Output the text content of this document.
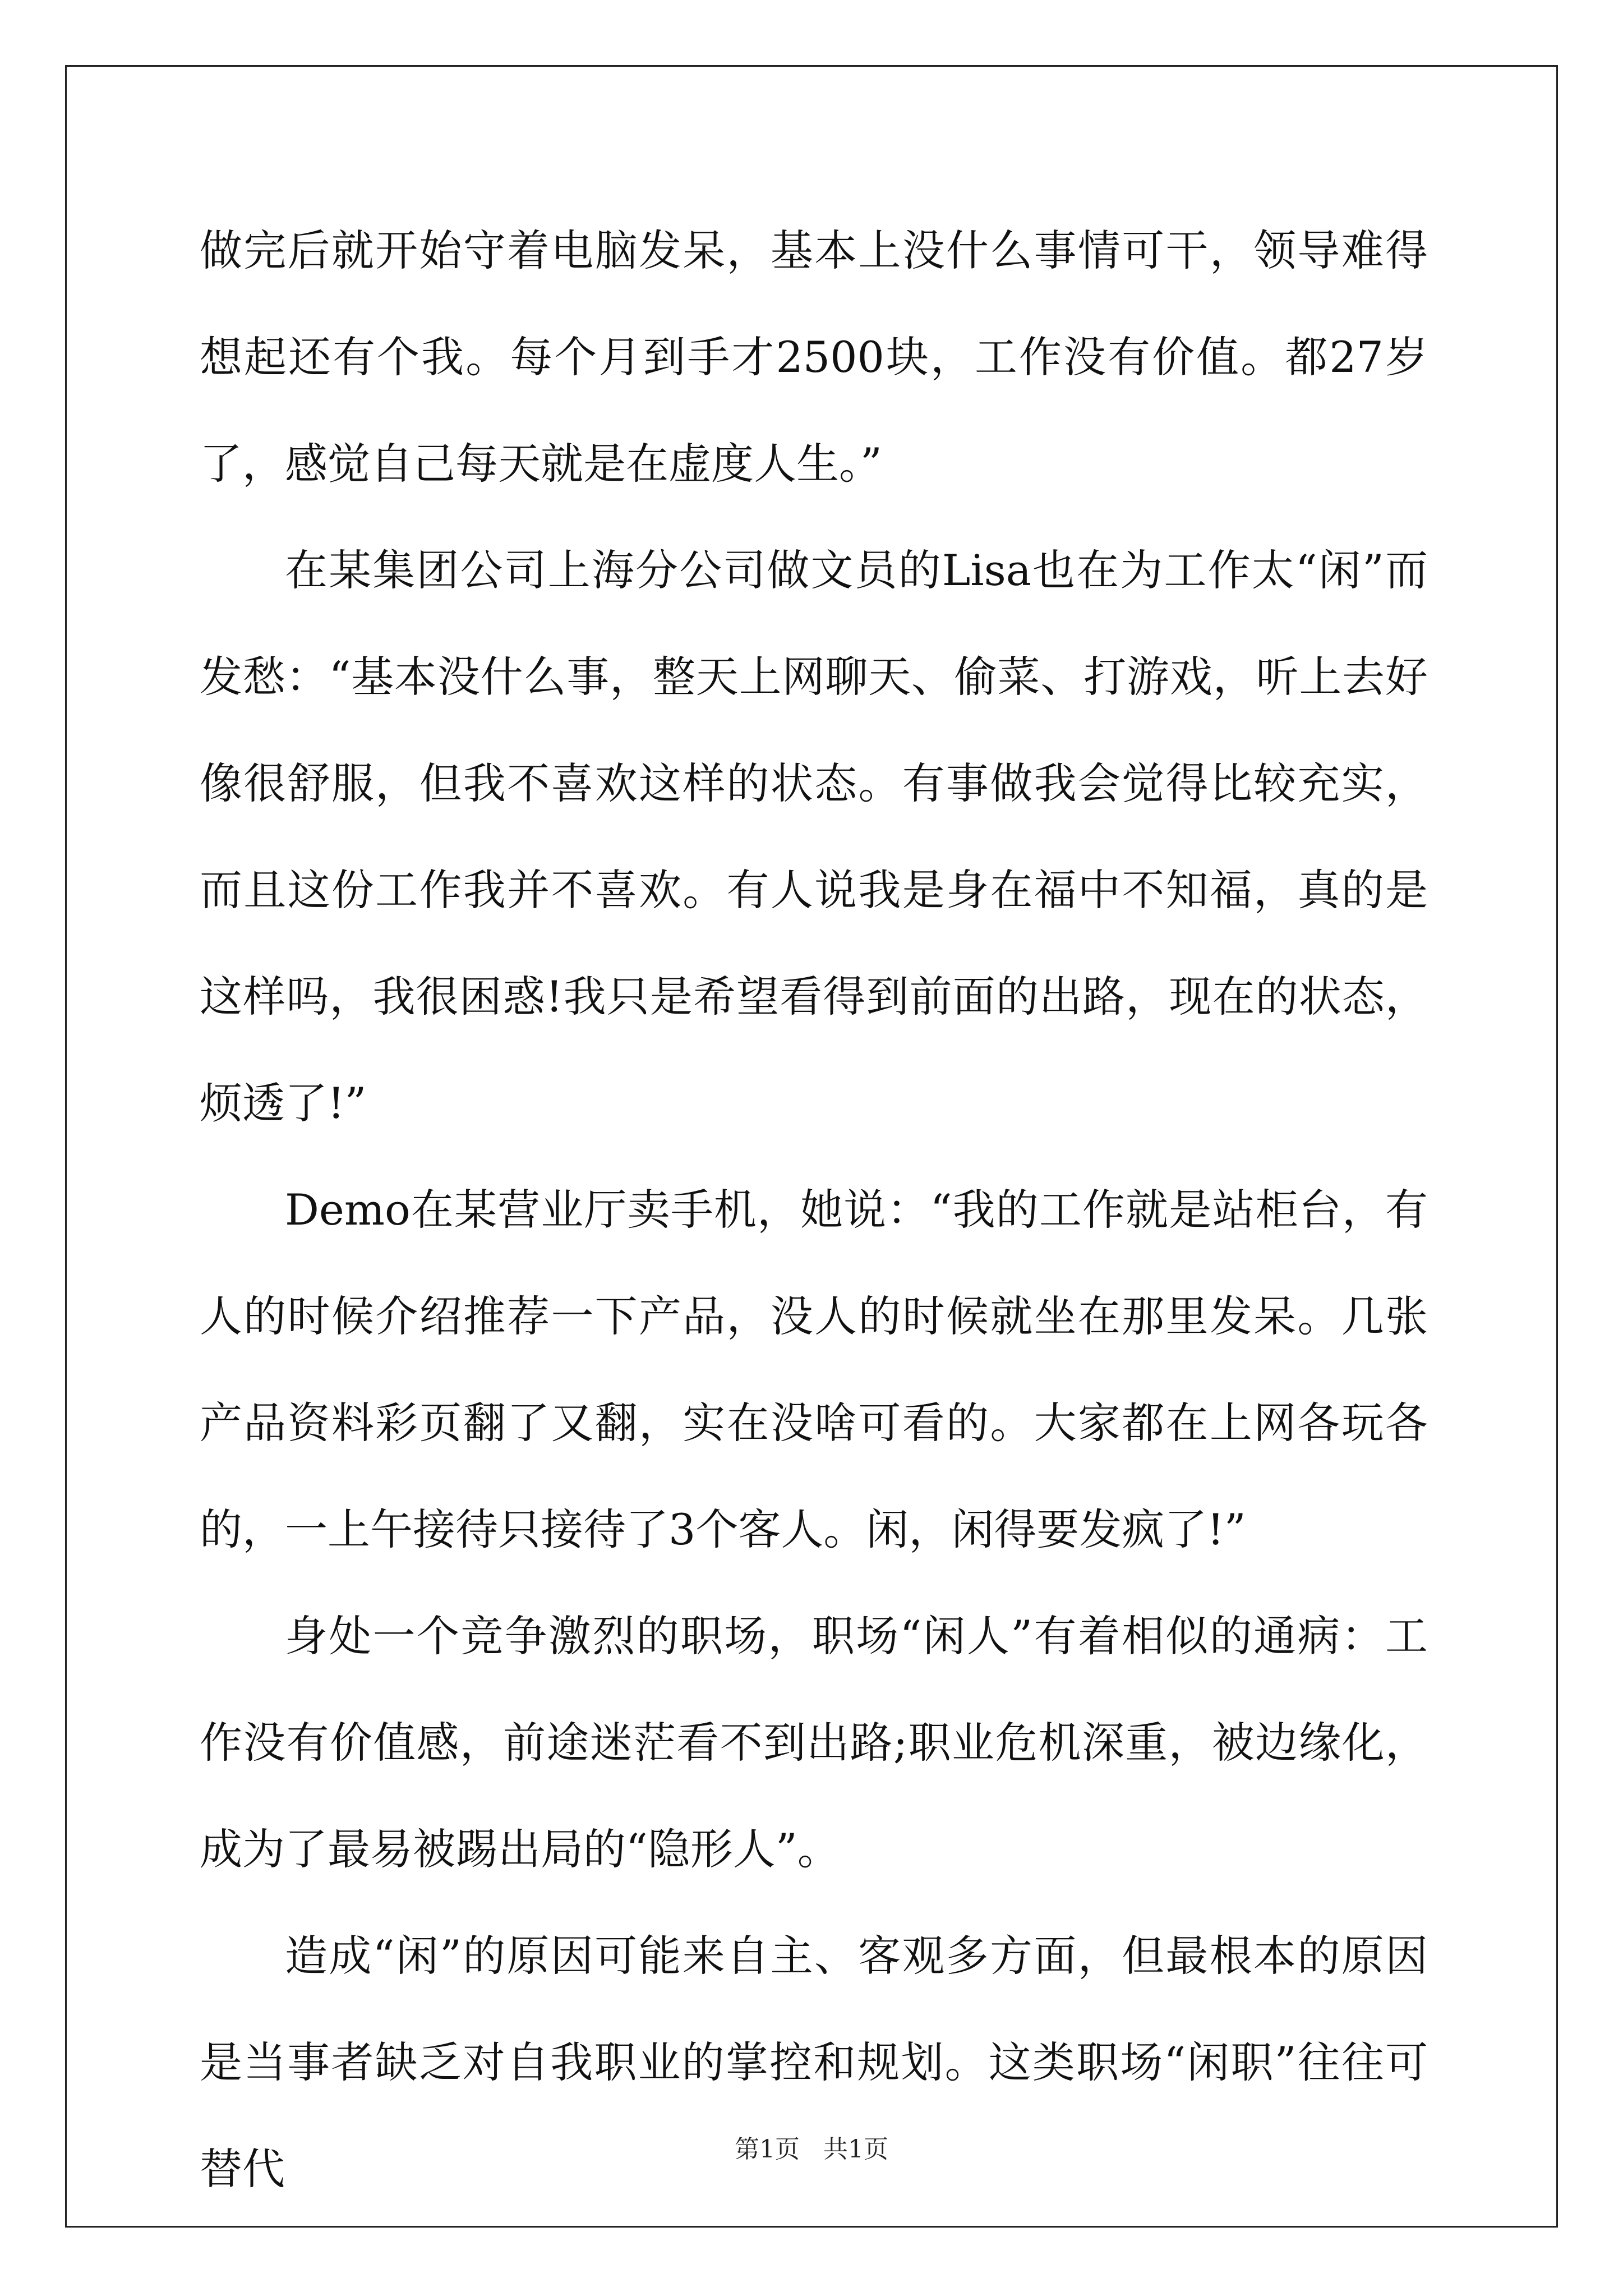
做完后就开始守着电脑发呆，基本上没什么事情可干，领导难得想起还有个我。每个月到手才2500块，工作没有价值。都27岁了，感觉自己每天就是在虚度人生。”

在某集团公司上海分公司做文员的Lisa也在为工作太“闲”而发愁：“基本没什么事，整天上网聊天、偷菜、打游戏，听上去好像很舒服，但我不喜欢这样的状态。有事做我会觉得比较充实，而且这份工作我并不喜欢。有人说我是身在福中不知福，真的是这样吗，我很困惑!我只是希望看得到前面的出路，现在的状态，烦透了!”

Demo在某营业厅卖手机，她说：“我的工作就是站柜台，有人的时候介绍推荐一下产品，没人的时候就坐在那里发呆。几张产品资料彩页翻了又翻，实在没啥可看的。大家都在上网各玩各的，一上午接待只接待了3个客人。闲，闲得要发疯了!”

身处一个竞争激烈的职场，职场“闲人”有着相似的通病：工作没有价值感，前途迷茫看不到出路;职业危机深重，被边缘化，成为了最易被踢出局的“隐形人”。

造成“闲”的原因可能来自主、客观多方面，但最根本的原因是当事者缺乏对自我职业的掌控和规划。这类职场“闲职”往往可替代	第1页   共1页
